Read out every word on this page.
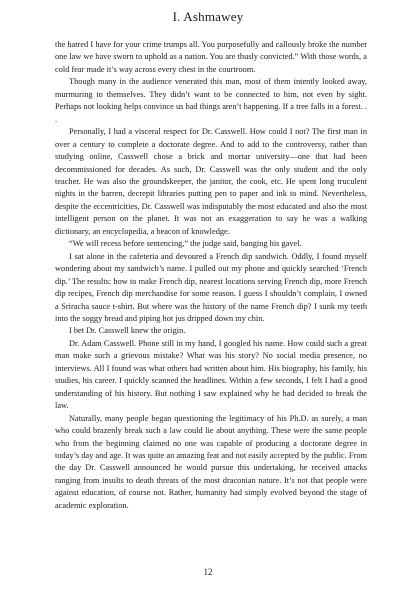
I. Ashmawey

the hatred I have for your crime trumps all. You purposefully and callously broke the number one law we have sworn to uphold as a nation. You are thusly convicted.” With those words, a cold fear made it’s way across every chest in the courtroom.

Though many in the audience venerated this man, most of them intently looked away, murmuring to themselves. They didn’t want to be connected to him, not even by sight. Perhaps not looking helps convince us bad things aren’t happening. If a tree falls in a forest. . .

Personally, I had a visceral respect for Dr. Casswell. How could I not? The first man in over a century to complete a doctorate degree. And to add to the controversy, rather than studying online, Casswell chose a brick and mortar university—one that had been decommissioned for decades. As such, Dr. Casswell was the only student and the only teacher. He was also the groundskeeper, the janitor, the cook, etc. He spent long truculent nights in the barren, decrepit libraries putting pen to paper and ink to mind. Nevertheless, despite the eccentricities, Dr. Casswell was indisputably the most educated and also the most intelligent person on the planet. It was not an exaggeration to say he was a walking dictionary, an encyclopedia, a beacon of knowledge.

“We will recess before sentencing,” the judge said, banging his gavel.

I sat alone in the cafeteria and devoured a French dip sandwich. Oddly, I found myself wondering about my sandwich’s name. I pulled out my phone and quickly searched ‘French dip.’ The results: how to make French dip, nearest locations serving French dip, more French dip recipes, French dip merchandise for some reason. I guess I shouldn’t complain, I owned a Sriracha sauce t-shirt. But where was the history of the name French dip? I sunk my teeth into the soggy bread and piping hot jus dripped down my chin.

I bet Dr. Casswell knew the origin.

Dr. Adam Casswell. Phone still in my hand, I googled his name. How could such a great man make such a grievous mistake? What was his story? No social media presence, no interviews. All I found was what others had written about him. His biography, his family, his studies, his career. I quickly scanned the headlines. Within a few seconds, I felt I had a good understanding of his history. But nothing I saw explained why he had decided to break the law.

Naturally, many people began questioning the legitimacy of his Ph.D. as surely, a man who could brazenly break such a law could lie about anything. These were the same people who from the beginning claimed no one was capable of producing a doctorate degree in today’s day and age. It was quite an amazing feat and not easily accepted by the public. From the day Dr. Casswell announced he would pursue this undertaking, he received attacks ranging from insults to death threats of the most draconian nature. It’s not that people were against education, of course not. Rather, humanity had simply evolved beyond the stage of academic exploration.

12
